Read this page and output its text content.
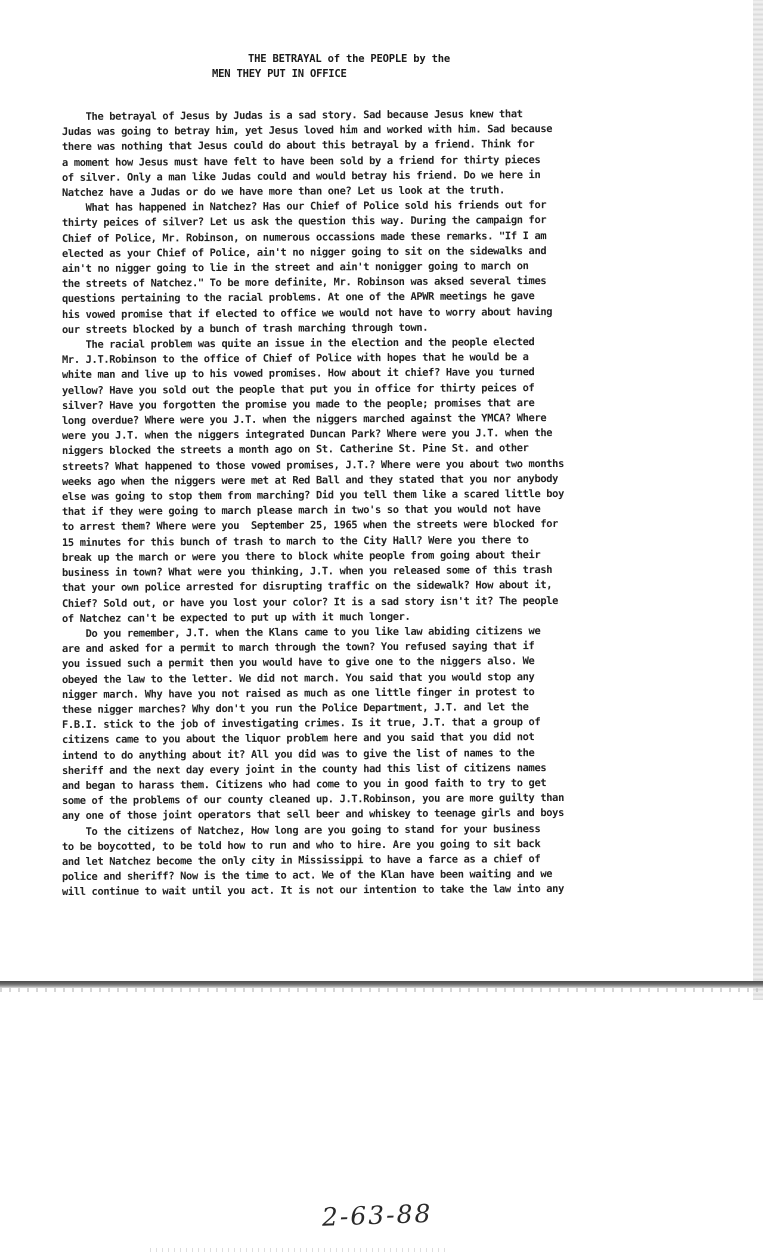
THE BETRAYAL of the PEOPLE by the
MEN THEY PUT IN OFFICE
The betrayal of Jesus by Judas is a sad story. Sad because Jesus knew that
Judas was going to betray him, yet Jesus loved him and worked with him. Sad because
there was nothing that Jesus could do about this betrayal by a friend. Think for
a moment how Jesus must have felt to have been sold by a friend for thirty pieces
of silver. Only a man like Judas could and would betray his friend. Do we here in
Natchez have a Judas or do we have more than one? Let us look at the truth.
What has happened in Natchez? Has our Chief of Police sold his friends out for
thirty peices of silver? Let us ask the question this way. During the campaign for
Chief of Police, Mr. Robinson, on numerous occassions made these remarks. "If I am
elected as your Chief of Police, ain't no nigger going to sit on the sidewalks and
ain't no nigger going to lie in the street and ain't nonigger going to march on
the streets of Natchez." To be more definite, Mr. Robinson was aksed several times
questions pertaining to the racial problems. At one of the APWR meetings he gave
his vowed promise that if elected to office we would not have to worry about having
our streets blocked by a bunch of trash marching through town.
The racial problem was quite an issue in the election and the people elected
Mr. J.T.Robinson to the office of Chief of Police with hopes that he would be a
white man and live up to his vowed promises. How about it chief? Have you turned
yellow? Have you sold out the people that put you in office for thirty peices of
silver? Have you forgotten the promise you made to the people; promises that are
long overdue? Where were you J.T. when the niggers marched against the YMCA? Where
were you J.T. when the niggers integrated Duncan Park? Where were you J.T. when the
niggers blocked the streets a month ago on St. Catherine St. Pine St. and other
streets? What happened to those vowed promises, J.T.? Where were you about two months
weeks ago when the niggers were met at Red Ball and they stated that you nor anybody
else was going to stop them from marching? Did you tell them like a scared little boy
that if they were going to march please march in two's so that you would not have
to arrest them? Where were you  September 25, 1965 when the streets were blocked for
15 minutes for this bunch of trash to march to the City Hall? Were you there to
break up the march or were you there to block white people from going about their
business in town? What were you thinking, J.T. when you released some of this trash
that your own police arrested for disrupting traffic on the sidewalk? How about it,
Chief? Sold out, or have you lost your color? It is a sad story isn't it? The people
of Natchez can't be expected to put up with it much longer.
Do you remember, J.T. when the Klans came to you like law abiding citizens we
are and asked for a permit to march through the town? You refused saying that if
you issued such a permit then you would have to give one to the niggers also. We
obeyed the law to the letter. We did not march. You said that you would stop any
nigger march. Why have you not raised as much as one little finger in protest to
these nigger marches? Why don't you run the Police Department, J.T. and let the
F.B.I. stick to the job of investigating crimes. Is it true, J.T. that a group of
citizens came to you about the liquor problem here and you said that you did not
intend to do anything about it? All you did was to give the list of names to the
sheriff and the next day every joint in the county had this list of citizens names
and began to harass them. Citizens who had come to you in good faith to try to get
some of the problems of our county cleaned up. J.T.Robinson, you are more guilty than
any one of those joint operators that sell beer and whiskey to teenage girls and boys
To the citizens of Natchez, How long are you going to stand for your business
to be boycotted, to be told how to run and who to hire. Are you going to sit back
and let Natchez become the only city in Mississippi to have a farce as a chief of
police and sheriff? Now is the time to act. We of the Klan have been waiting and we
will continue to wait until you act. It is not our intention to take the law into any
2-63-88
